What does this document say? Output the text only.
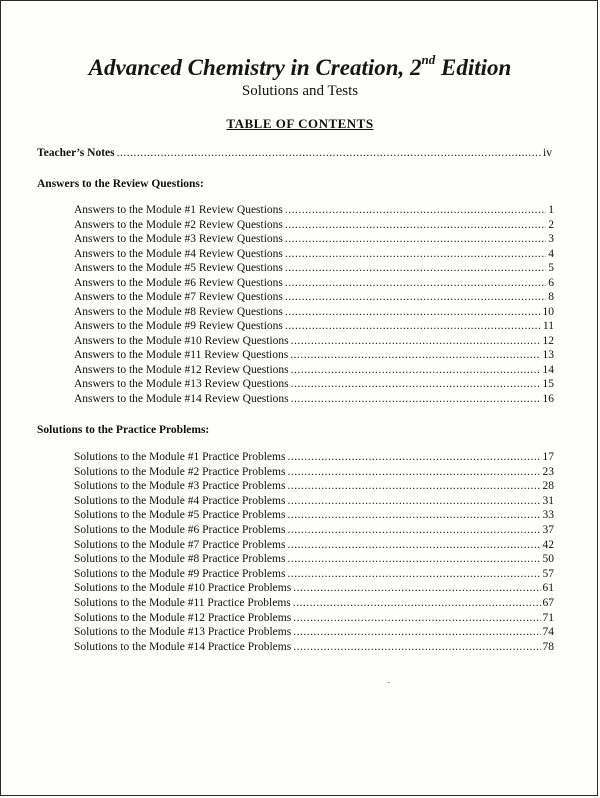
Advanced Chemistry in Creation, 2nd Edition
Solutions and Tests
TABLE OF CONTENTS
Teacher’s Notes .....	iv
Answers to the Review Questions:
Answers to the Module #1 Review Questions .....	1
Answers to the Module #2 Review Questions .....	2
Answers to the Module #3 Review Questions .....	3
Answers to the Module #4 Review Questions .....	4
Answers to the Module #5 Review Questions .....	5
Answers to the Module #6 Review Questions .....	6
Answers to the Module #7 Review Questions .....	8
Answers to the Module #8 Review Questions .....	10
Answers to the Module #9 Review Questions .....	11
Answers to the Module #10 Review Questions .....	12
Answers to the Module #11 Review Questions .....	13
Answers to the Module #12 Review Questions .....	14
Answers to the Module #13 Review Questions .....	15
Answers to the Module #14 Review Questions .....	16
Solutions to the Practice Problems:
Solutions to the Module #1 Practice Problems .....	17
Solutions to the Module #2 Practice Problems .....	23
Solutions to the Module #3 Practice Problems .....	28
Solutions to the Module #4 Practice Problems .....	31
Solutions to the Module #5 Practice Problems .....	33
Solutions to the Module #6 Practice Problems .....	37
Solutions to the Module #7 Practice Problems .....	42
Solutions to the Module #8 Practice Problems .....	50
Solutions to the Module #9 Practice Problems .....	57
Solutions to the Module #10 Practice Problems .....	61
Solutions to the Module #11 Practice Problems .....	67
Solutions to the Module #12 Practice Problems .....	71
Solutions to the Module #13 Practice Problems .....	74
Solutions to the Module #14 Practice Problems .....	78
